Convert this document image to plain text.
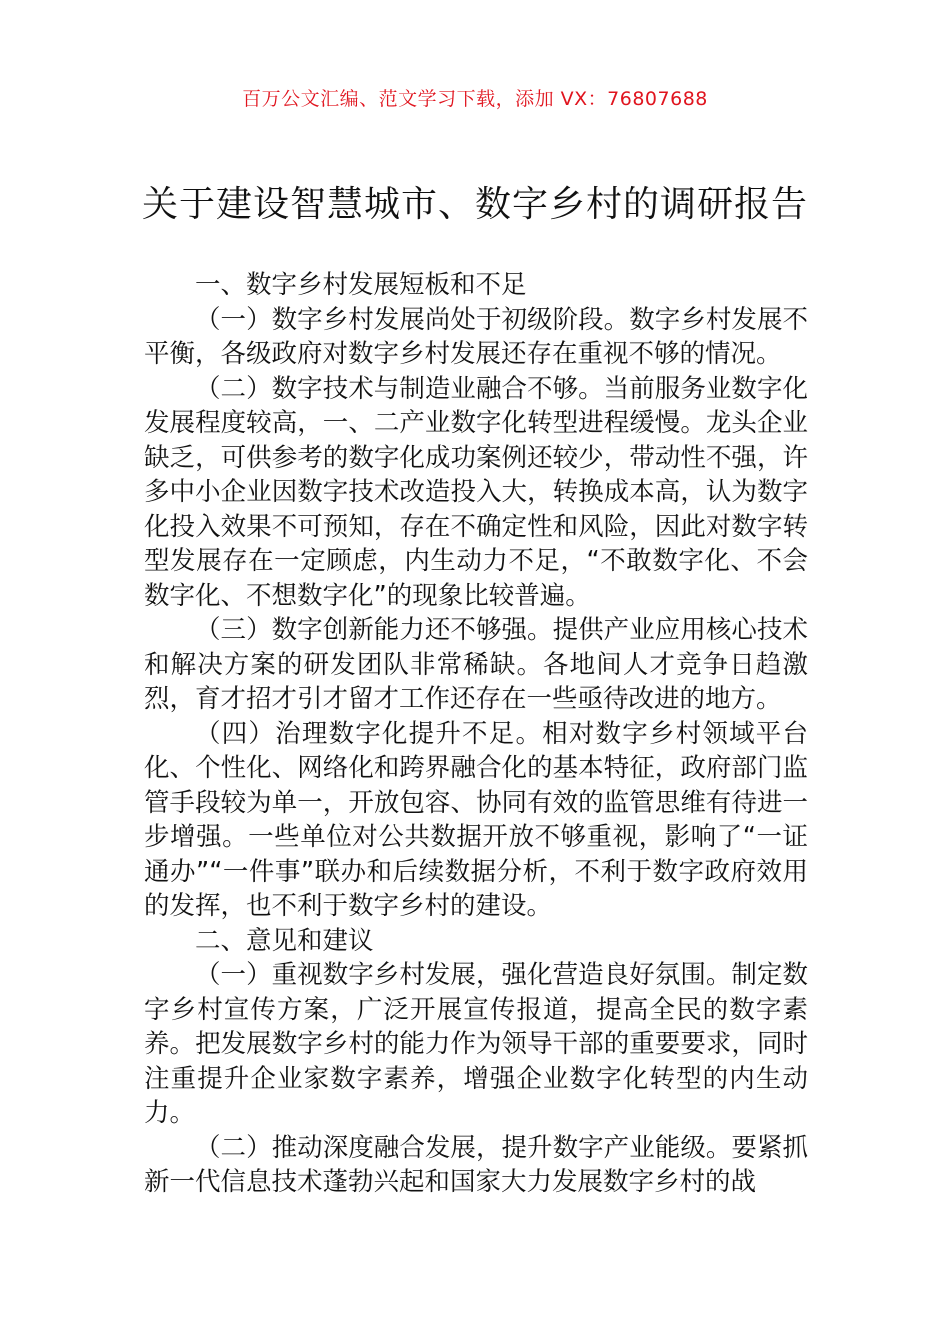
百万公文汇编、范文学习下载，添加 VX：76807688
关于建设智慧城市、数字乡村的调研报告

一、数字乡村发展短板和不足

（一）数字乡村发展尚处于初级阶段。数字乡村发展不平衡，各级政府对数字乡村发展还存在重视不够的情况。

（二）数字技术与制造业融合不够。当前服务业数字化发展程度较高，一、二产业数字化转型进程缓慢。龙头企业缺乏，可供参考的数字化成功案例还较少，带动性不强，许多中小企业因数字技术改造投入大，转换成本高，认为数字化投入效果不可预知，存在不确定性和风险，因此对数字转型发展存在一定顾虑，内生动力不足，“不敢数字化、不会数字化、不想数字化”的现象比较普遍。

（三）数字创新能力还不够强。提供产业应用核心技术和解决方案的研发团队非常稀缺。各地间人才竞争日趋激烈，育才招才引才留才工作还存在一些亟待改进的地方。

（四）治理数字化提升不足。相对数字乡村领域平台化、个性化、网络化和跨界融合化的基本特征，政府部门监管手段较为单一，开放包容、协同有效的监管思维有待进一步增强。一些单位对公共数据开放不够重视，影响了“一证通办”“一件事”联办和后续数据分析，不利于数字政府效用的发挥，也不利于数字乡村的建设。

二、意见和建议

（一）重视数字乡村发展，强化营造良好氛围。制定数字乡村宣传方案，广泛开展宣传报道，提高全民的数字素养。把发展数字乡村的能力作为领导干部的重要要求，同时注重提升企业家数字素养，增强企业数字化转型的内生动力。

（二）推动深度融合发展，提升数字产业能级。要紧抓新一代信息技术蓬勃兴起和国家大力发展数字乡村的战
